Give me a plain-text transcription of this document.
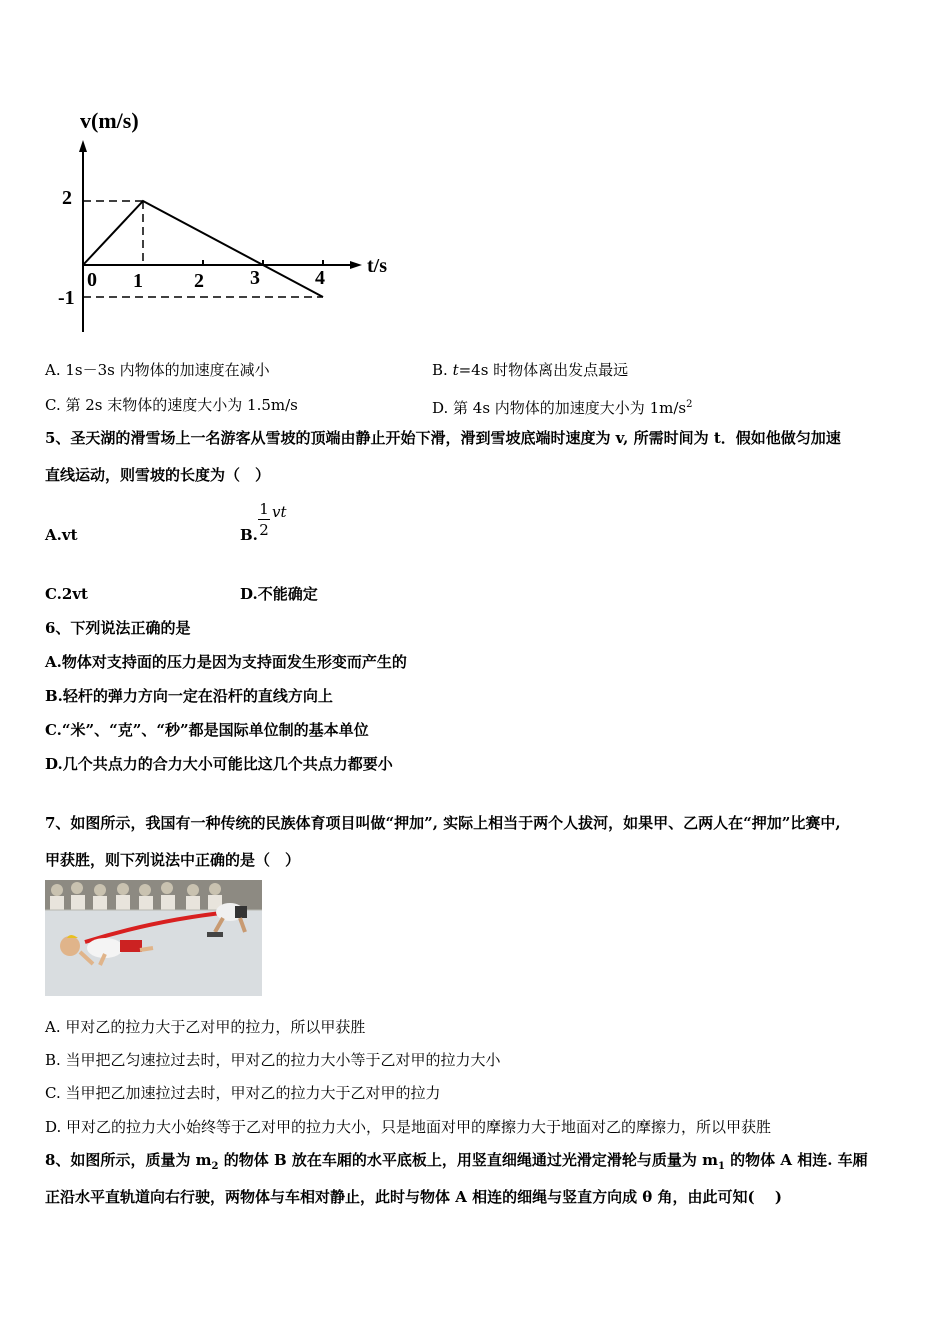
v(m/s)
t/s
2
-1
0 1	2 3	4
A. 1s－3s 内物体的加速度在减小	B. t=4s 时物体离出发点最远
C. 第 2s 末物体的速度大小为 1.5m/s	D. 第 4s 内物体的加速度大小为 $1m/s^2$
5、圣天湖的滑雪场上一名游客从雪坡的顶端由静止开始下滑，滑到雪坡底端时速度为 v, 所需时间为 t．假如他做匀加速
直线运动，则雪坡的长度为（　）
A.vt	B. $\frac{1}{2}$ vt
C.2vt	D.不能确定
6、下列说法正确的是
A.物体对支持面的压力是因为支持面发生形变而产生的
B.轻杆的弹力方向一定在沿杆的直线方向上
C.“米”、“克”、“秒”都是国际单位制的基本单位
D.几个共点力的合力大小可能比这几个共点力都要小
7、如图所示，我国有一种传统的民族体育项目叫做“押加”, 实际上相当于两个人拔河，如果甲、乙两人在“押加”比赛中,
甲获胜，则下列说法中正确的是（　）
A. 甲对乙的拉力大于乙对甲的拉力，所以甲获胜
B. 当甲把乙匀速拉过去时，甲对乙的拉力大小等于乙对甲的拉力大小
C. 当甲把乙加速拉过去时，甲对乙的拉力大于乙对甲的拉力
D. 甲对乙的拉力大小始终等于乙对甲的拉力大小，只是地面对甲的摩擦力大于地面对乙的摩擦力，所以甲获胜
8、如图所示，质量为 $m_2$ 的物体 B 放在车厢的水平底板上，用竖直细绳通过光滑定滑轮与质量为 $m_1$ 的物体 A 相连. 车厢
正沿水平直轨道向右行驶，两物体与车相对静止，此时与物体 A 相连的细绳与竖直方向成 θ 角，由此可知(　 )
